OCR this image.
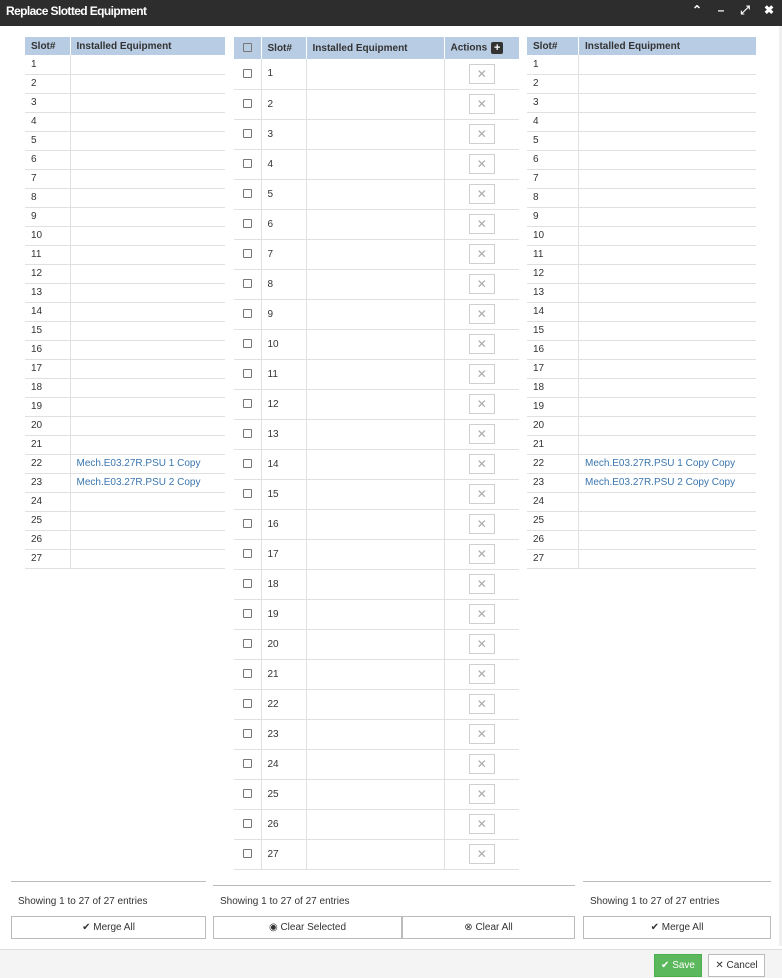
Replace Slotted Equipment	⌃	–	⤢ ✖
Slot#	Installed Equipment
1	
2	
3	
4	
5	
6	
7	
8	
9	
10	
11	
12	
13	
14	
15	
16	
17	
18	
19	
20	
21	
22	Mech.E03.27R.PSU 1 Copy
23	Mech.E03.27R.PSU 2 Copy
24	
25	
26	
27	
	Slot#	Installed Equipment	Actions +
	1		✕
	2		✕
	3		✕
	4		✕
	5		✕
	6		✕
	7		✕
	8		✕
	9		✕
	10		✕
	11		✕
	12		✕
	13		✕
	14		✕
	15		✕
	16		✕
	17		✕
	18		✕
	19		✕
	20		✕
	21		✕
	22		✕
	23		✕
	24		✕
	25		✕
	26		✕
	27		✕
Slot#	Installed Equipment
1	
2	
3	
4	
5	
6	
7	
8	
9	
10	
11	
12	
13	
14	
15	
16	
17	
18	
19	
20	
21	
22	Mech.E03.27R.PSU 1 Copy Copy
23	Mech.E03.27R.PSU 2 Copy Copy
24	
25	
26	
27	
Showing 1 to 27 of 27 entries	Showing 1 to 27 of 27 entries	Showing 1 to 27 of 27 entries
✔ Merge All	◉ Clear Selected	⊗ Clear All	✔ Merge All
✔ Save	✕ Cancel
